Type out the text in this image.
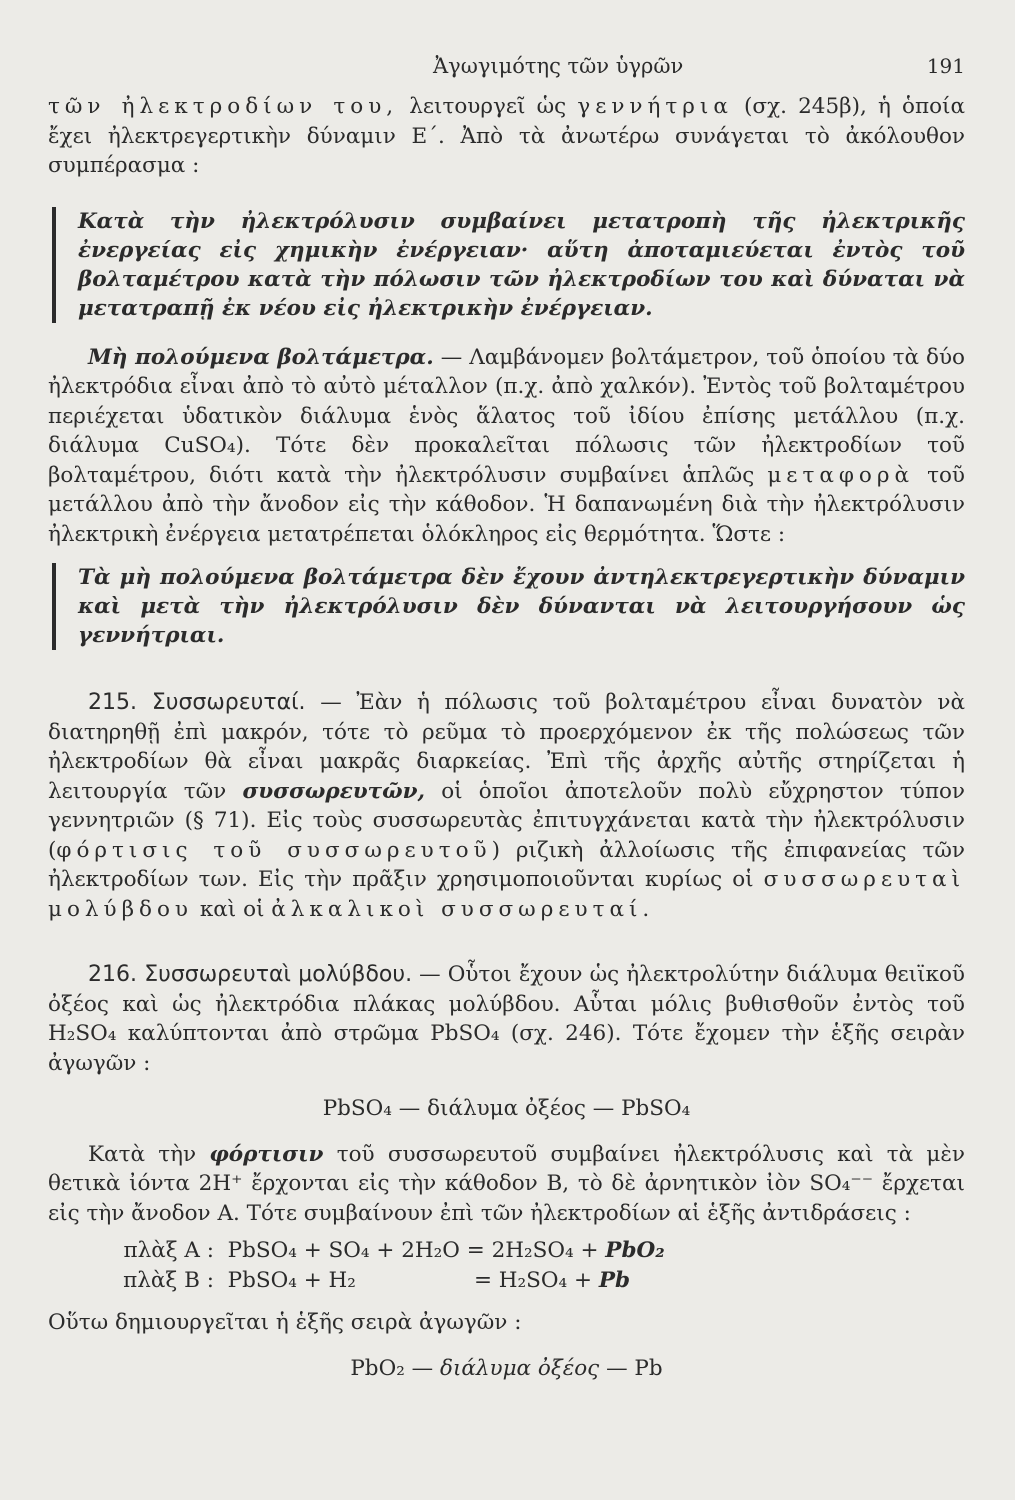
Ἀγωγιμότης τῶν ὑγρῶν	191

τῶν ἠλεκτροδίων του, λειτουργεῖ ὡς γεννήτρια (σχ. 245β), ἡ ὁποία ἔχει ἠλεκτρεγερτικὴν δύναμιν Ε΄. Ἀπὸ τὰ ἀνωτέρω συνάγεται τὸ ἀκόλουθον συμπέρασμα :

Κατὰ τὴν ἠλεκτρόλυσιν συμβαίνει μετατροπὴ τῆς ἠλεκτρικῆς ἐνεργείας εἰς χημικὴν ἐνέργειαν· αὕτη ἀποταμιεύεται ἐντὸς τοῦ βολταμέτρου κατὰ τὴν πόλωσιν τῶν ἠλεκτροδίων του καὶ δύναται νὰ μετατραπῇ ἐκ νέου εἰς ἠλεκτρικὴν ἐνέργειαν.

Μὴ πολούμενα βολτάμετρα. — Λαμβάνομεν βολτάμετρον, τοῦ ὁποίου τὰ δύο ἠλεκτρόδια εἶναι ἀπὸ τὸ αὐτὸ μέταλλον (π.χ. ἀπὸ χαλκόν). Ἐντὸς τοῦ βολταμέτρου περιέχεται ὑδατικὸν διάλυμα ἑνὸς ἅλατος τοῦ ἰδίου ἐπίσης μετάλλου (π.χ. διάλυμα CuSO₄). Τότε δὲν προκαλεῖται πόλωσις τῶν ἠλεκτροδίων τοῦ βολταμέτρου, διότι κατὰ τὴν ἠλεκτρόλυσιν συμβαίνει ἁπλῶς μεταφορὰ τοῦ μετάλλου ἀπὸ τὴν ἄνοδον εἰς τὴν κάθοδον. Ἡ δαπανωμένη διὰ τὴν ἠλεκτρόλυσιν ἠλεκτρικὴ ἐνέργεια μετατρέπεται ὁλόκληρος εἰς θερμότητα. Ὥστε :

Τὰ μὴ πολούμενα βολτάμετρα δὲν ἔχουν ἀντηλεκτρεγερτικὴν δύναμιν καὶ μετὰ τὴν ἠλεκτρόλυσιν δὲν δύνανται νὰ λειτουργήσουν ὡς γεννήτριαι.

215. Συσσωρευταί. — Ἐὰν ἡ πόλωσις τοῦ βολταμέτρου εἶναι δυνατὸν νὰ διατηρηθῇ ἐπὶ μακρόν, τότε τὸ ρεῦμα τὸ προερχόμενον ἐκ τῆς πολώσεως τῶν ἠλεκτροδίων θὰ εἶναι μακρᾶς διαρκείας. Ἐπὶ τῆς ἀρχῆς αὐτῆς στηρίζεται ἡ λειτουργία τῶν συσσωρευτῶν, οἱ ὁποῖοι ἀποτελοῦν πολὺ εὔχρηστον τύπον γεννητριῶν (§ 71). Εἰς τοὺς συσσωρευτὰς ἐπιτυγχάνεται κατὰ τὴν ἠλεκτρόλυσιν (φόρτισις τοῦ συσσωρευτοῦ) ριζικὴ ἀλλοίωσις τῆς ἐπιφανείας τῶν ἠλεκτροδίων των. Εἰς τὴν πρᾶξιν χρησιμοποιοῦνται κυρίως οἱ συσσωρευταὶ μολύβδου καὶ οἱ ἀλκαλικοὶ συσσωρευταί.

216. Συσσωρευταὶ μολύβδου. — Οὗτοι ἔχουν ὡς ἠλεκτρολύτην διάλυμα θειϊκοῦ ὀξέος καὶ ὡς ἠλεκτρόδια πλάκας μολύβδου. Αὗται μόλις βυθισθοῦν ἐντὸς τοῦ H₂SO₄ καλύπτονται ἀπὸ στρῶμα PbSO₄ (σχ. 246). Τότε ἔχομεν τὴν ἑξῆς σειρὰν ἀγωγῶν :

PbSO₄ — διάλυμα ὀξέος — PbSO₄

Κατὰ τὴν φόρτισιν τοῦ συσσωρευτοῦ συμβαίνει ἠλεκτρόλυσις καὶ τὰ μὲν θετικὰ ἰόντα 2H⁺ ἔρχονται εἰς τὴν κάθοδον Β, τὸ δὲ ἀρνητικὸν ἰὸν SO₄⁻⁻ ἔρχεται εἰς τὴν ἄνοδον Α. Τότε συμβαίνουν ἐπὶ τῶν ἠλεκτροδίων αἱ ἑξῆς ἀντιδράσεις :

πλὰξ Α : PbSO₄ + SO₄ + 2H₂O = 2H₂SO₄ + PbO₂
πλὰξ Β : PbSO₄ + H₂	= H₂SO₄ + Pb

Οὕτω δημιουργεῖται ἡ ἑξῆς σειρὰ ἀγωγῶν :

PbO₂ — διάλυμα ὀξέος — Pb
